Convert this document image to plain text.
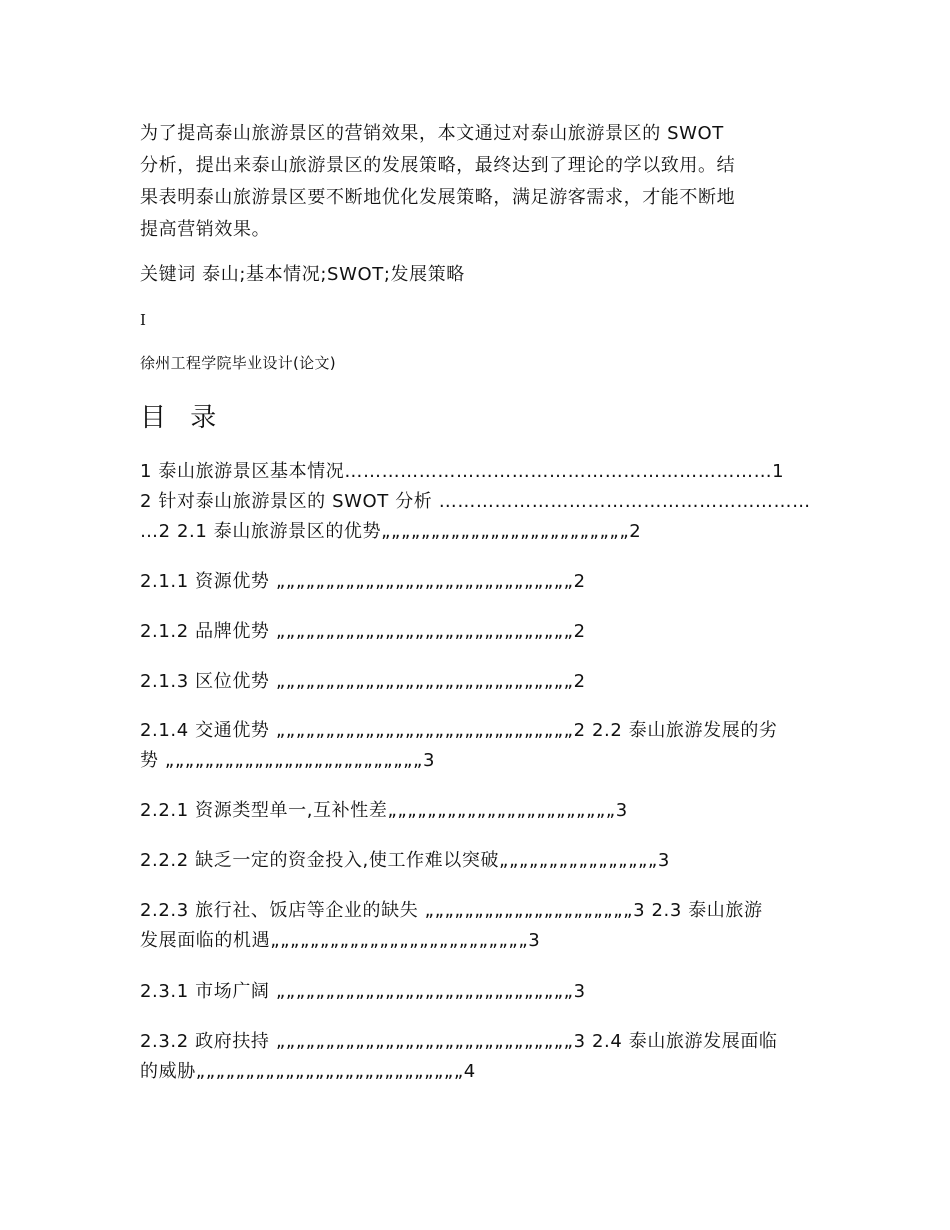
为了提高泰山旅游景区的营销效果，本文通过对泰山旅游景区的 SWOT
分析，提出来泰山旅游景区的发展策略，最终达到了理论的学以致用。结
果表明泰山旅游景区要不断地优化发展策略，满足游客需求，才能不断地
提高营销效果。
关键词 泰山;基本情况;SWOT;发展策略
I
徐州工程学院毕业设计(论文)
目 录
1 泰山旅游景区基本情况……………………………………………………………1
2 针对泰山旅游景区的 SWOT 分析 ……………………………………………………
…2 2.1 泰山旅游景区的优势„„„„„„„„„„„„„„„„„„„„„„„„„2
2.1.1 资源优势 „„„„„„„„„„„„„„„„„„„„„„„„„„„„„„2
2.1.2 品牌优势 „„„„„„„„„„„„„„„„„„„„„„„„„„„„„„2
2.1.3 区位优势 „„„„„„„„„„„„„„„„„„„„„„„„„„„„„„2
2.1.4 交通优势 „„„„„„„„„„„„„„„„„„„„„„„„„„„„„„2 2.2 泰山旅游发展的劣
势 „„„„„„„„„„„„„„„„„„„„„„„„„„3
2.2.1 资源类型单一,互补性差„„„„„„„„„„„„„„„„„„„„„„„3
2.2.2 缺乏一定的资金投入,使工作难以突破„„„„„„„„„„„„„„„„3
2.2.3 旅行社、饭店等企业的缺失 „„„„„„„„„„„„„„„„„„„„„3 2.3 泰山旅游
发展面临的机遇„„„„„„„„„„„„„„„„„„„„„„„„„„3
2.3.1 市场广阔 „„„„„„„„„„„„„„„„„„„„„„„„„„„„„„3
2.3.2 政府扶持 „„„„„„„„„„„„„„„„„„„„„„„„„„„„„„3 2.4 泰山旅游发展面临
的威胁„„„„„„„„„„„„„„„„„„„„„„„„„„„4
